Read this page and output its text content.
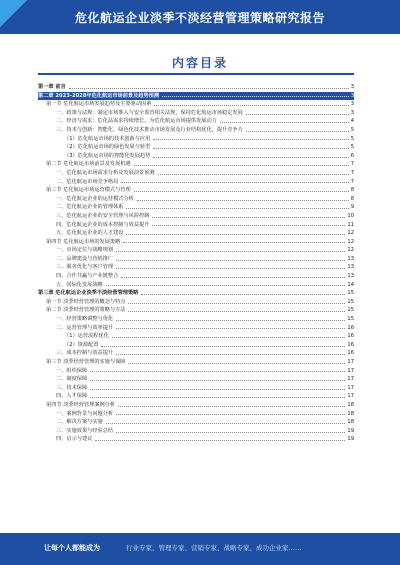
危化航运企业淡季不淡经营管理策略研究报告
内容目录
第一章 前言	3
第二章 2023-2028年危化航运市场前景及趋势预测	3
第一节 危化航运市场发展趋势及主要驱动因素	3
一、政策与法规：制定市场准入与安全监管相关法规，保持危化航运市场稳定发展	3
二、经济与需求：危化品需求持续增长，为危化航运市场提供发展动力	4
三、技术与创新：智能化、绿色化技术推动市场发展及行业结构优化，提升竞争力	5
（1）危化航运市场的技术创新与应用	5
（2）危化航运市场的绿色发展与转型	5
（3）危化航运市场的智能化发展趋势	6
第二节 危化航运市场前景及发展机遇	7
一、危化航运市场需求分析及发展前景预测	7
二、危化航运市场竞争格局	7
第三节 危化航运市场运营模式与管理	8
一、危化航运企业的运营模式分析	8
二、危化航运企业的管理体系	9
三、危化航运企业的安全管理与风险控制	10
四、危化航运企业的成本控制与效益提升	11
五、危化航运企业的人才建设	12
第四节 危化航运市场的发展策略	12
一、市场定位与战略规划	12
二、品牌建设与营销推广	13
三、服务优化与客户管理	13
四、合作共赢与产业链整合	13
五、国际化发展战略	14
第三章 危化航运企业淡季不淡经营管理策略	15
第一节 淡季经营管理的概念与特点	15
第二节 淡季经营管理的策略与方法	15
一、经营策略调整与优化	15
二、运营管理与效率提升	16
（1）运营流程优化	16
（2）资源配置	16
三、成本控制与效益提升	16
第三节 淡季经营管理的实施与保障	17
一、组织保障	17
二、制度保障	17
三、技术保障	17
四、人才保障	17
第四节 淡季经营管理案例分析	18
一、案例背景与问题分析	18
二、解决方案与实施	18
三、实施效果与经验总结	19
四、启示与建议	19
让每个人都能成为	行业专家、管理专家、营销专家、战略专家、成功企业家……
